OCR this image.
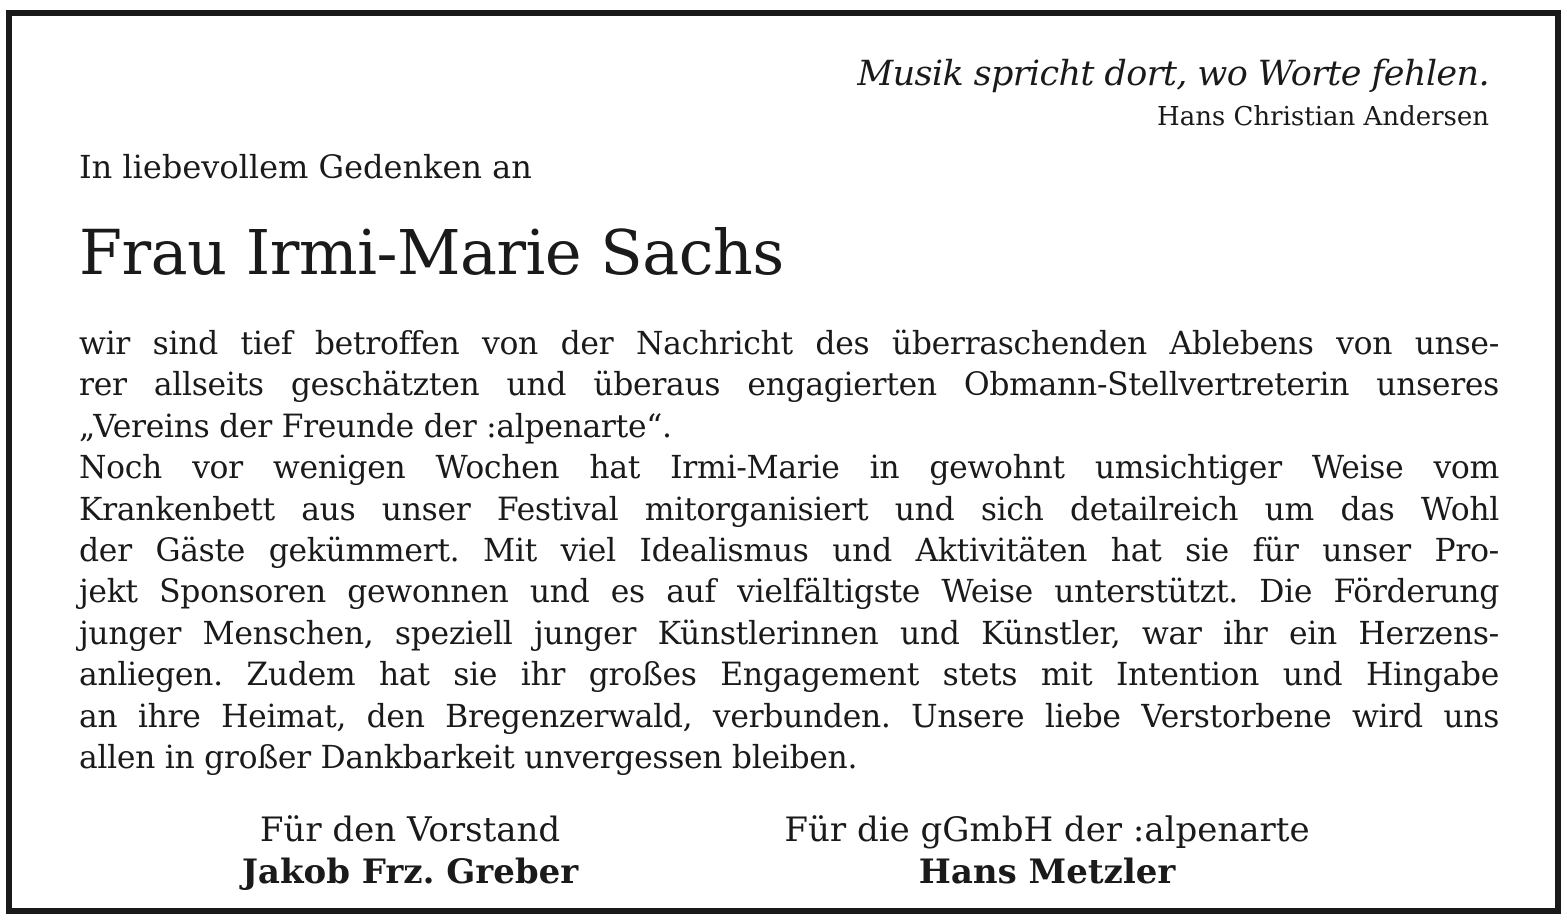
Musik spricht dort, wo Worte fehlen.
Hans Christian Andersen
In liebevollem Gedenken an
Frau Irmi-Marie Sachs
wir sind tief betroffen von der Nachricht des überraschenden Ablebens von unse-
rer allseits geschätzten und überaus engagierten Obmann-Stellvertreterin unseres
„Vereins der Freunde der :alpenarte“.
Noch vor wenigen Wochen hat Irmi-Marie in gewohnt umsichtiger Weise vom
Krankenbett aus unser Festival mitorganisiert und sich detailreich um das Wohl
der Gäste gekümmert. Mit viel Idealismus und Aktivitäten hat sie für unser Pro-
jekt Sponsoren gewonnen und es auf vielfältigste Weise unterstützt. Die Förderung
junger Menschen, speziell junger Künstlerinnen und Künstler, war ihr ein Herzens-
anliegen. Zudem hat sie ihr großes Engagement stets mit Intention und Hingabe
an ihre Heimat, den Bregenzerwald, verbunden. Unsere liebe Verstorbene wird uns
allen in großer Dankbarkeit unvergessen bleiben.
Für den Vorstand
Jakob Frz. Greber
Für die gGmbH der :alpenarte
Hans Metzler
